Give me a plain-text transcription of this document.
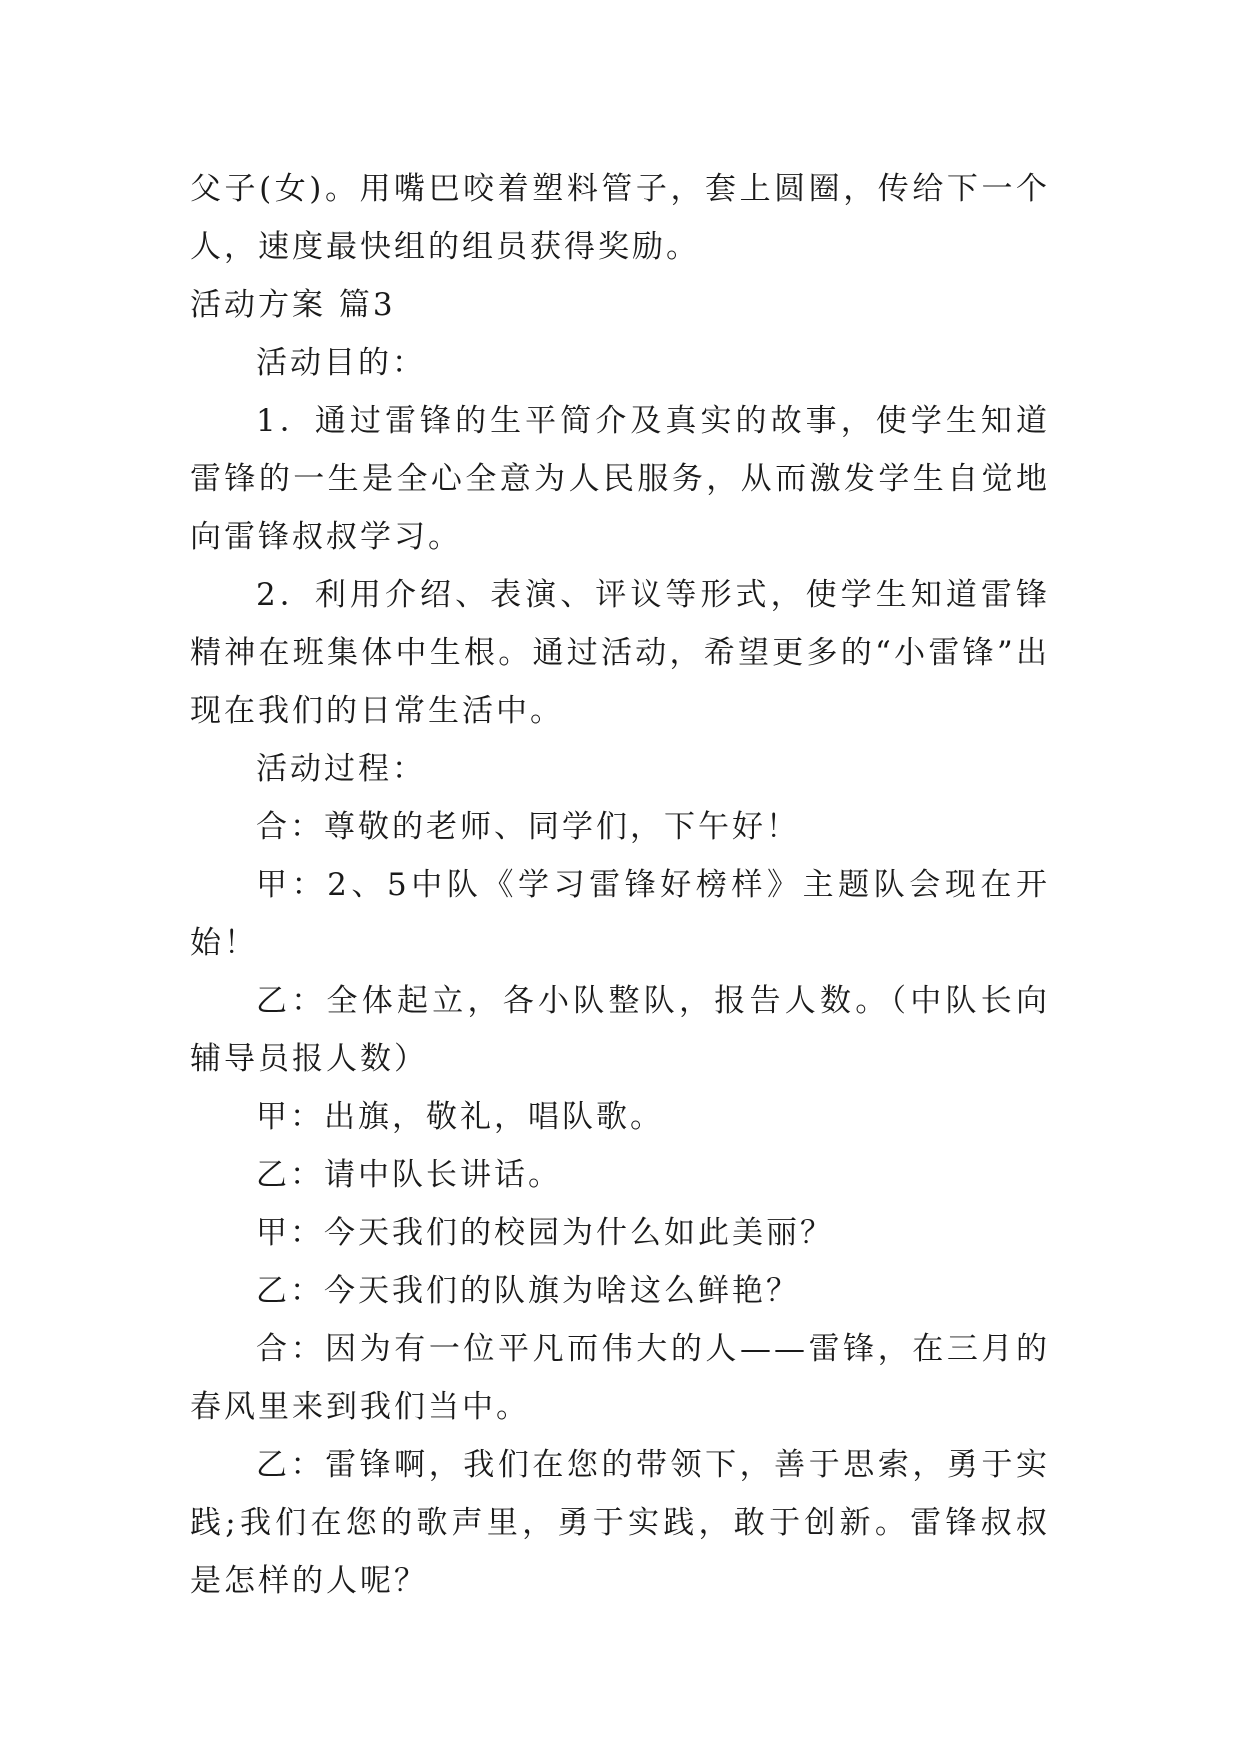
父子(女)。用嘴巴咬着塑料管子，套上圆圈，传给下一个人，速度最快组的组员获得奖励。

活动方案 篇3

活动目的：

1．通过雷锋的生平简介及真实的故事，使学生知道雷锋的一生是全心全意为人民服务，从而激发学生自觉地向雷锋叔叔学习。

2．利用介绍、表演、评议等形式，使学生知道雷锋精神在班集体中生根。通过活动，希望更多的“小雷锋”出现在我们的日常生活中。

活动过程：

合：尊敬的老师、同学们，下午好！

甲：2、5中队《学习雷锋好榜样》主题队会现在开始！

乙：全体起立，各小队整队，报告人数。（中队长向辅导员报人数）

甲：出旗，敬礼，唱队歌。

乙：请中队长讲话。

甲：今天我们的校园为什么如此美丽？

乙：今天我们的队旗为啥这么鲜艳？

合：因为有一位平凡而伟大的人——雷锋，在三月的春风里来到我们当中。

乙：雷锋啊，我们在您的带领下，善于思索，勇于实践;我们在您的歌声里，勇于实践，敢于创新。雷锋叔叔是怎样的人呢？
